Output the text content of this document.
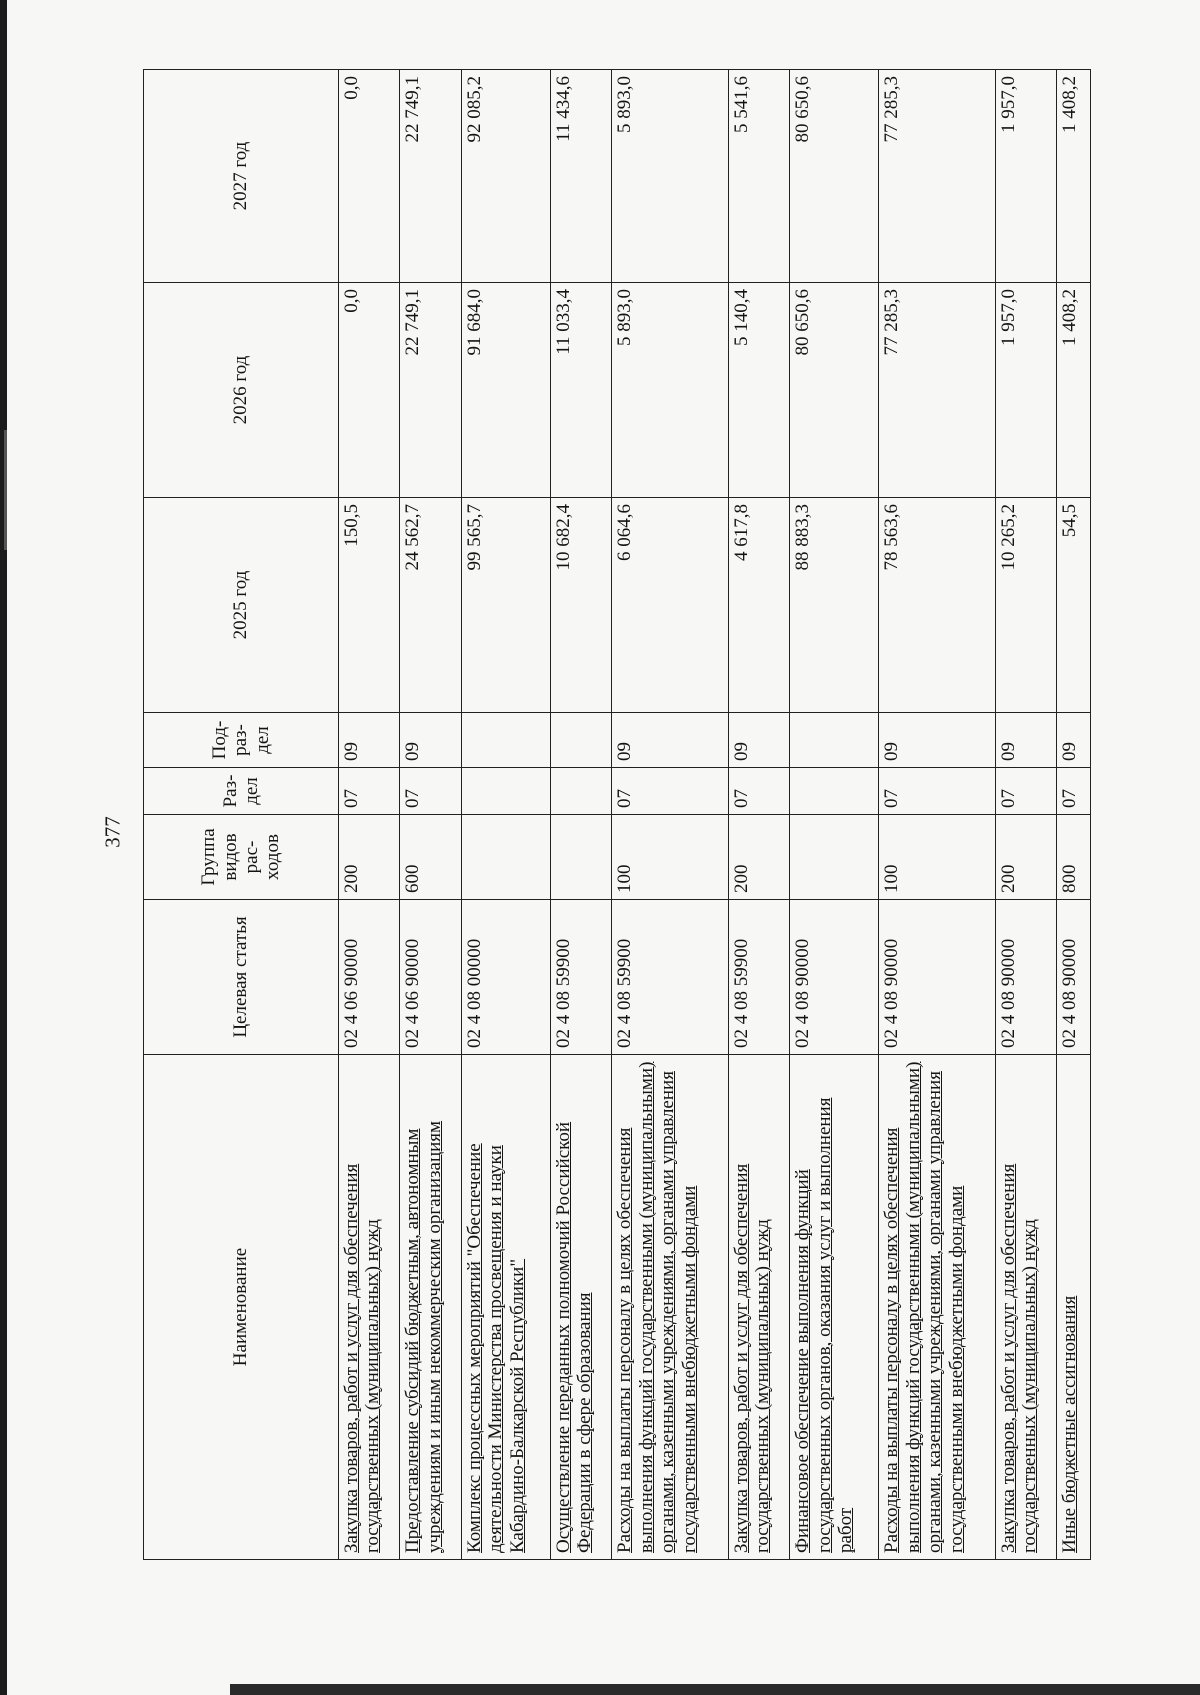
377
Наименование	Целевая статья	Группа видов рас-ходов	Раз-дел	Под-раз-дел	2025 год	2026 год	2027 год
Закупка товаров, работ и услуг для обеспечения государственных (муниципальных) нужд	02 4 06 90000	200	07	09	150,5	0,0	0,0
Предоставление субсидий бюджетным, автономным учреждениям и иным некоммерческим организациям	02 4 06 90000	600	07	09	24 562,7	22 749,1	22 749,1
Комплекс процессных мероприятий "Обеспечение деятельности Министерства просвещения и науки Кабардино-Балкарской Республики"	02 4 08 00000				99 565,7	91 684,0	92 085,2
Осуществление переданных полномочий Российской Федерации в сфере образования	02 4 08 59900				10 682,4	11 033,4	11 434,6
Расходы на выплаты персоналу в целях обеспечения выполнения функций государственными (муниципальными) органами, казенными учреждениями, органами управления государственными внебюджетными фондами	02 4 08 59900	100	07	09	6 064,6	5 893,0	5 893,0
Закупка товаров, работ и услуг для обеспечения государственных (муниципальных) нужд	02 4 08 59900	200	07	09	4 617,8	5 140,4	5 541,6
Финансовое обеспечение выполнения функций государственных органов, оказания услуг и выполнения работ	02 4 08 90000				88 883,3	80 650,6	80 650,6
Расходы на выплаты персоналу в целях обеспечения выполнения функций государственными (муниципальными) органами, казенными учреждениями, органами управления государственными внебюджетными фондами	02 4 08 90000	100	07	09	78 563,6	77 285,3	77 285,3
Закупка товаров, работ и услуг для обеспечения государственных (муниципальных) нужд	02 4 08 90000	200	07	09	10 265,2	1 957,0	1 957,0
Иные бюджетные ассигнования	02 4 08 90000	800	07	09	54,5	1 408,2	1 408,2
